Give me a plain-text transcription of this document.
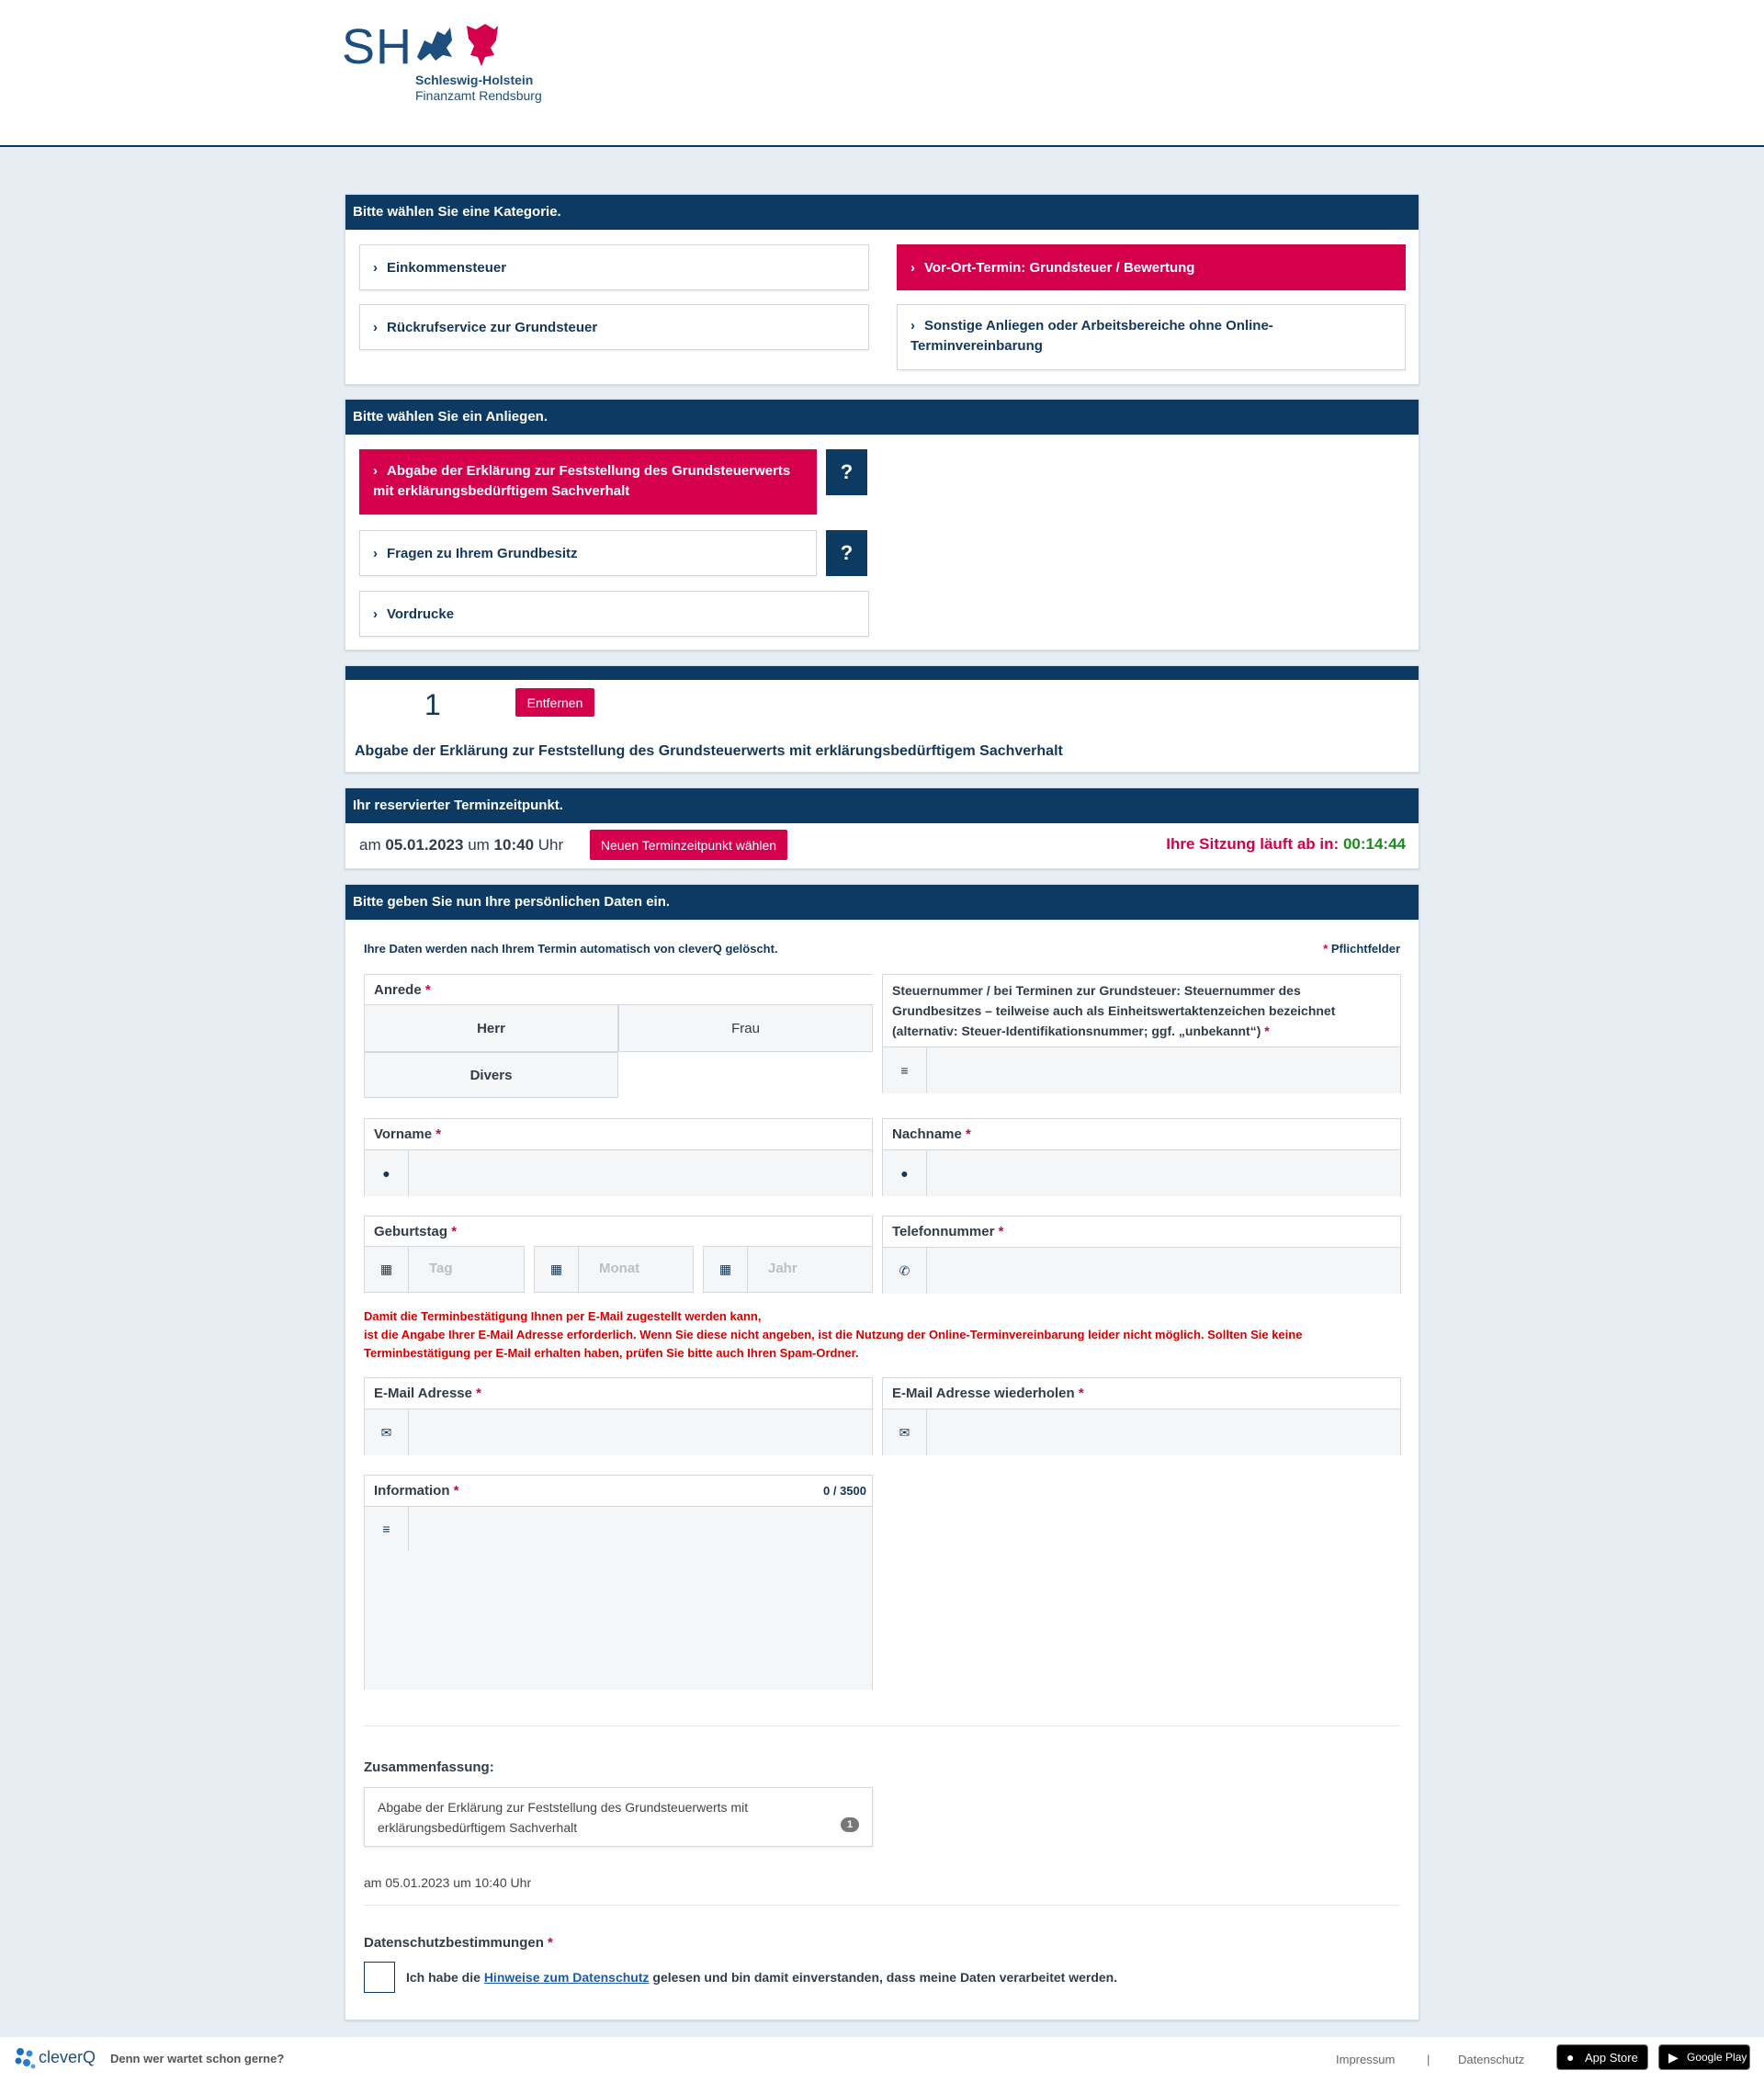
SH
Schleswig-Holstein
Finanzamt Rendsburg
Bitte wählen Sie eine Kategorie.
› Einkommensteuer	› Vor-Ort-Termin: Grundsteuer / Bewertung
› Rückrufservice zur Grundsteuer	› Sonstige Anliegen oder Arbeitsbereiche ohne Online-Terminvereinbarung
Bitte wählen Sie ein Anliegen.
› Abgabe der Erklärung zur Feststellung des Grundsteuerwerts mit erklärungsbedürftigem Sachverhalt
?
› Fragen zu Ihrem Grundbesitz	?
› Vordrucke
1	Entfernen
Abgabe der Erklärung zur Feststellung des Grundsteuerwerts mit erklärungsbedürftigem Sachverhalt
Ihr reservierter Terminzeitpunkt.
am 05.01.2023 um 10:40 Uhr	Neuen Terminzeitpunkt wählen	Ihre Sitzung läuft ab in: 00:14:44
Bitte geben Sie nun Ihre persönlichen Daten ein.
Ihre Daten werden nach Ihrem Termin automatisch von cleverQ gelöscht.	* Pflichtfelder
Anrede *
Herr	Frau
Divers
Steuernummer / bei Terminen zur Grundsteuer: Steuernummer des Grundbesitzes – teilweise auch als Einheitswertaktenzeichen bezeichnet (alternativ: Steuer-Identifikationsnummer; ggf. „unbekannt“) *
≡
Vorname *
●
Nachname *
●
Geburtstag *
▦	Tag	▦	Monat	▦	Jahr
Telefonnummer *
✆
Damit die Terminbestätigung Ihnen per E-Mail zugestellt werden kann,
ist die Angabe Ihrer E-Mail Adresse erforderlich. Wenn Sie diese nicht angeben, ist die Nutzung der Online-Terminvereinbarung leider nicht möglich. Sollten Sie keine Terminbestätigung per E-Mail erhalten haben, prüfen Sie bitte auch Ihren Spam-Ordner.
E-Mail Adresse *
✉
E-Mail Adresse wiederholen *
✉
Information *	0 / 3500
≡
Zusammenfassung:
Abgabe der Erklärung zur Feststellung des Grundsteuerwerts mit erklärungsbedürftigem Sachverhalt	1
am 05.01.2023 um 10:40 Uhr
Datenschutzbestimmungen *
Ich habe die Hinweise zum Datenschutz gelesen und bin damit einverstanden, dass meine Daten verarbeitet werden.
cleverQ Denn wer wartet schon gerne?	Impressum	| Datenschutz	● App Store ▶ Google Play
